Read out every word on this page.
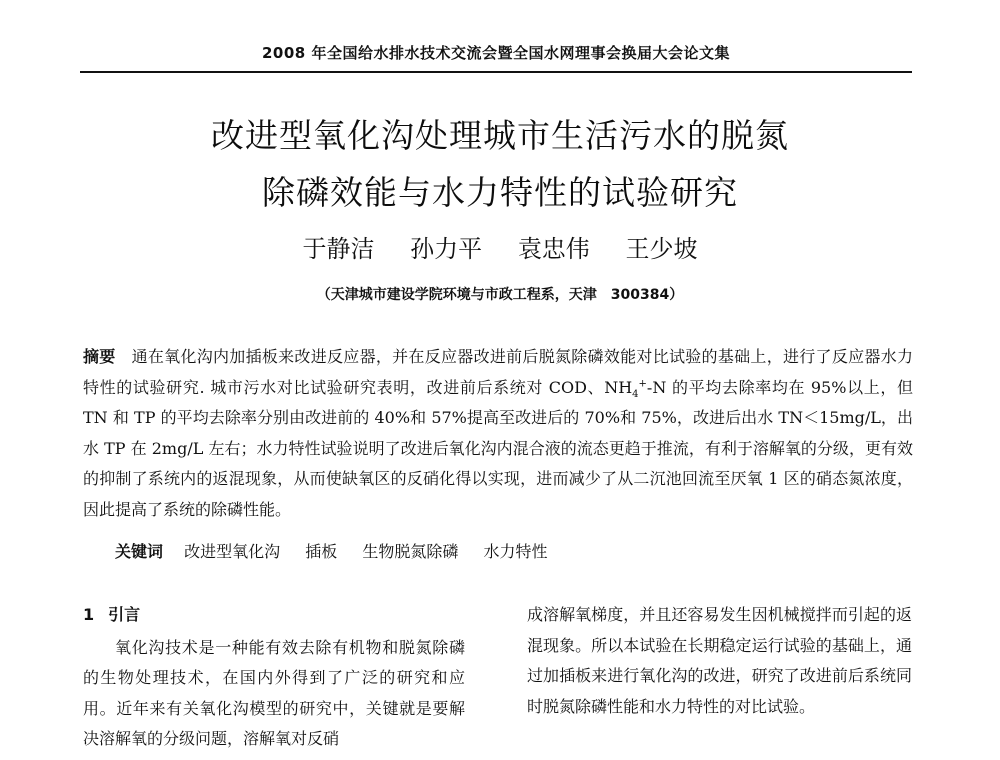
2008 年全国给水排水技术交流会暨全国水网理事会换届大会论文集
改进型氧化沟处理城市生活污水的脱氮
除磷效能与水力特性的试验研究
于静洁 孙力平 袁忠伟 王少坡
（天津城市建设学院环境与市政工程系，天津　300384）
摘要 通在氧化沟内加插板来改进反应器，并在反应器改进前后脱氮除磷效能对比试验的基础上，进行了反应器水力特性的试验研究. 城市污水对比试验研究表明，改进前后系统对 COD、$NH_4^+-N$ 的平均去除率均在 95%以上，但 TN 和 TP 的平均去除率分别由改进前的 40%和 57%提高至改进后的 70%和 75%，改进后出水 TN＜15mg/L，出水 TP 在 2mg/L 左右；水力特性试验说明了改进后氧化沟内混合液的流态更趋于推流，有利于溶解氧的分级，更有效的抑制了系统内的返混现象，从而使缺氧区的反硝化得以实现，进而减少了从二沉池回流至厌氧 1 区的硝态氮浓度，因此提高了系统的除磷性能。
关键词 改进型氧化沟 插板 生物脱氮除磷 水力特性
1 引言

氧化沟技术是一种能有效去除有机物和脱氮除磷的生物处理技术，在国内外得到了广泛的研究和应用。近年来有关氧化沟模型的研究中，关键就是要解决溶解氧的分级问题，溶解氧对反硝

成溶解氧梯度，并且还容易发生因机械搅拌而引起的返混现象。所以本试验在长期稳定运行试验的基础上，通过加插板来进行氧化沟的改进，研究了改进前后系统同时脱氮除磷性能和水力特性的对比试验。
